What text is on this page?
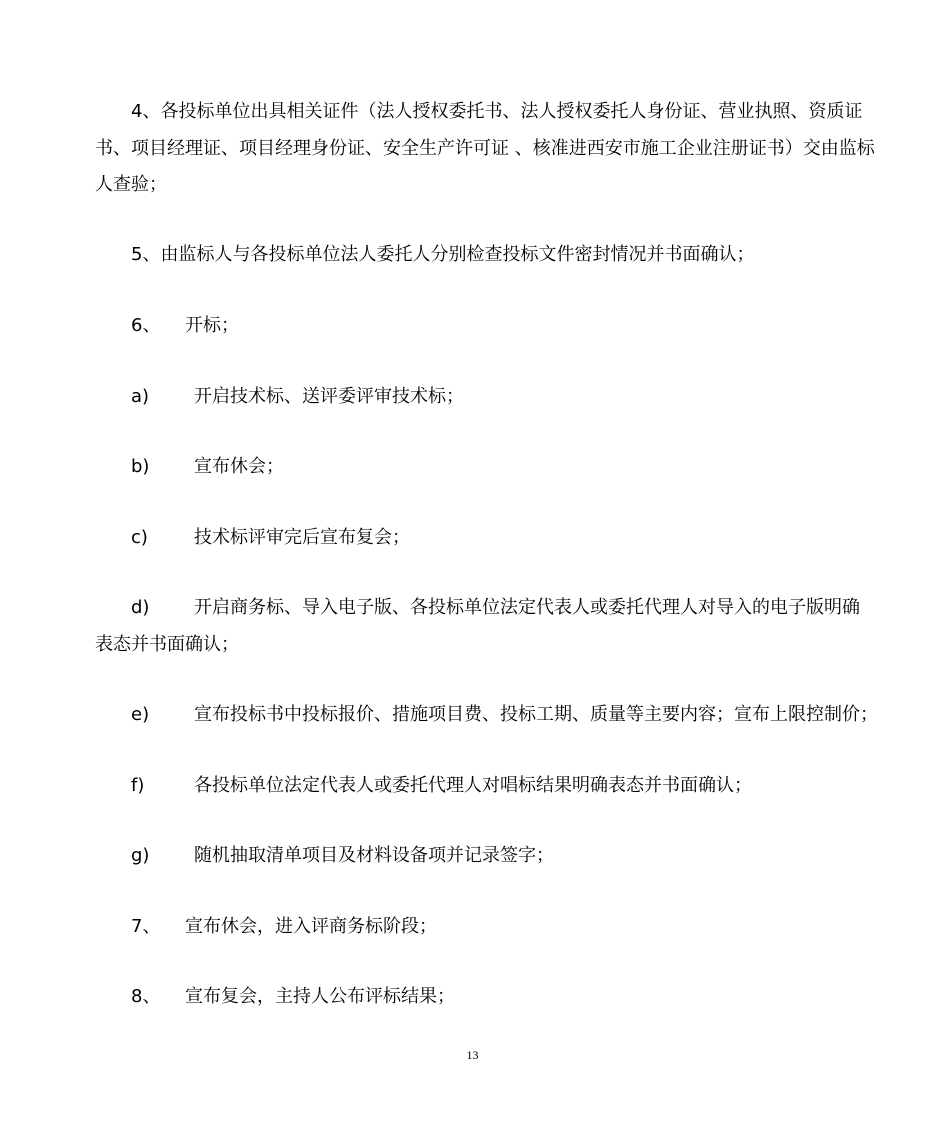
4、各投标单位出具相关证件（法人授权委托书、法人授权委托人身份证、营业执照、资质证
书、项目经理证、项目经理身份证、安全生产许可证 、核准进西安市施工企业注册证书）交由监标
人查验；
5、由监标人与各投标单位法人委托人分别检查投标文件密封情况并书面确认；
6、 开标；
a) 开启技术标、送评委评审技术标；
b) 宣布休会；
c)	技术标评审完后宣布复会；
d) 开启商务标、导入电子版、各投标单位法定代表人或委托代理人对导入的电子版明确
表态并书面确认；
e) 宣布投标书中投标报价、措施项目费、投标工期、质量等主要内容；宣布上限控制价；
f)	各投标单位法定代表人或委托代理人对唱标结果明确表态并书面确认；
g) 随机抽取清单项目及材料设备项并记录签字；
7、 宣布休会，进入评商务标阶段；
8、 宣布复会，主持人公布评标结果；
13
